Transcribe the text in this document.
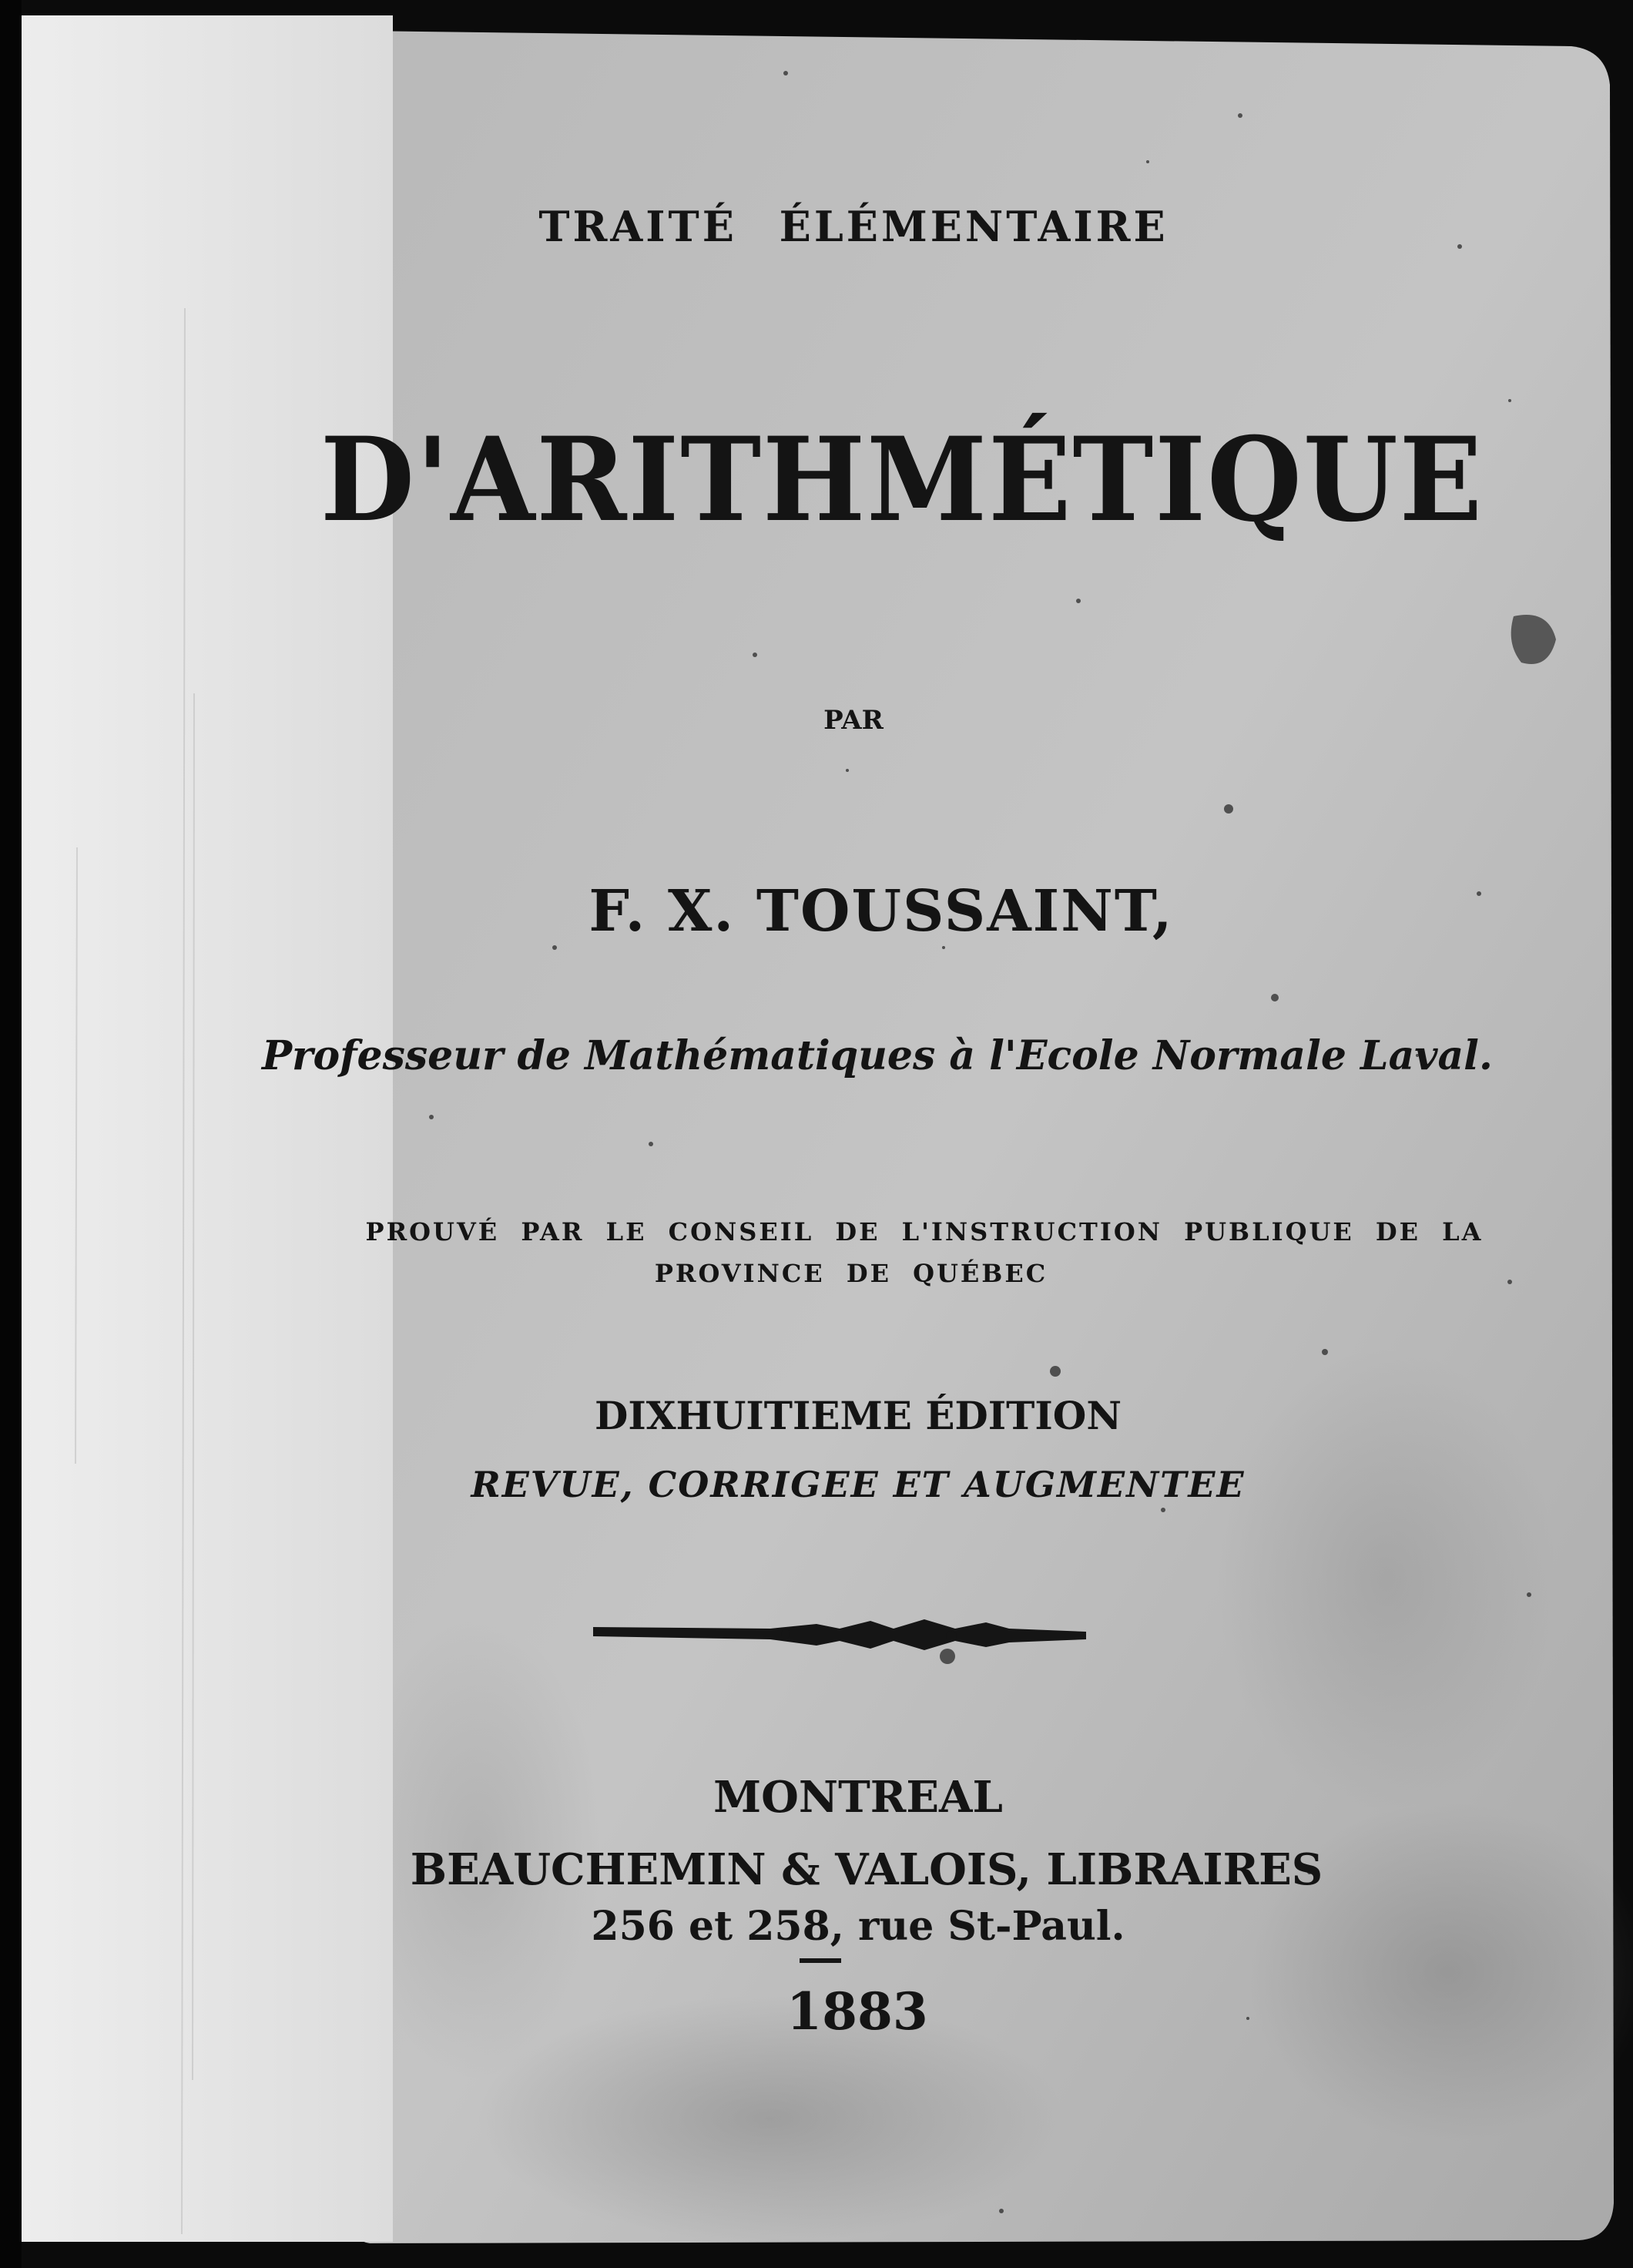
TRAITÉ ÉLÉMENTAIRE
D'ARITHMÉTIQUE
PAR
F. X. TOUSSAINT,
Professeur de Mathématiques à l'Ecole Normale Laval.
PROUVÉ PAR LE CONSEIL DE L'INSTRUCTION PUBLIQUE DE LA
PROVINCE DE QUÉBEC
DIXHUITIEME ÉDITION
REVUE, CORRIGEE ET AUGMENTEE
MONTREAL
BEAUCHEMIN & VALOIS, LIBRAIRES
256 et 258, rue St-Paul.
1883
